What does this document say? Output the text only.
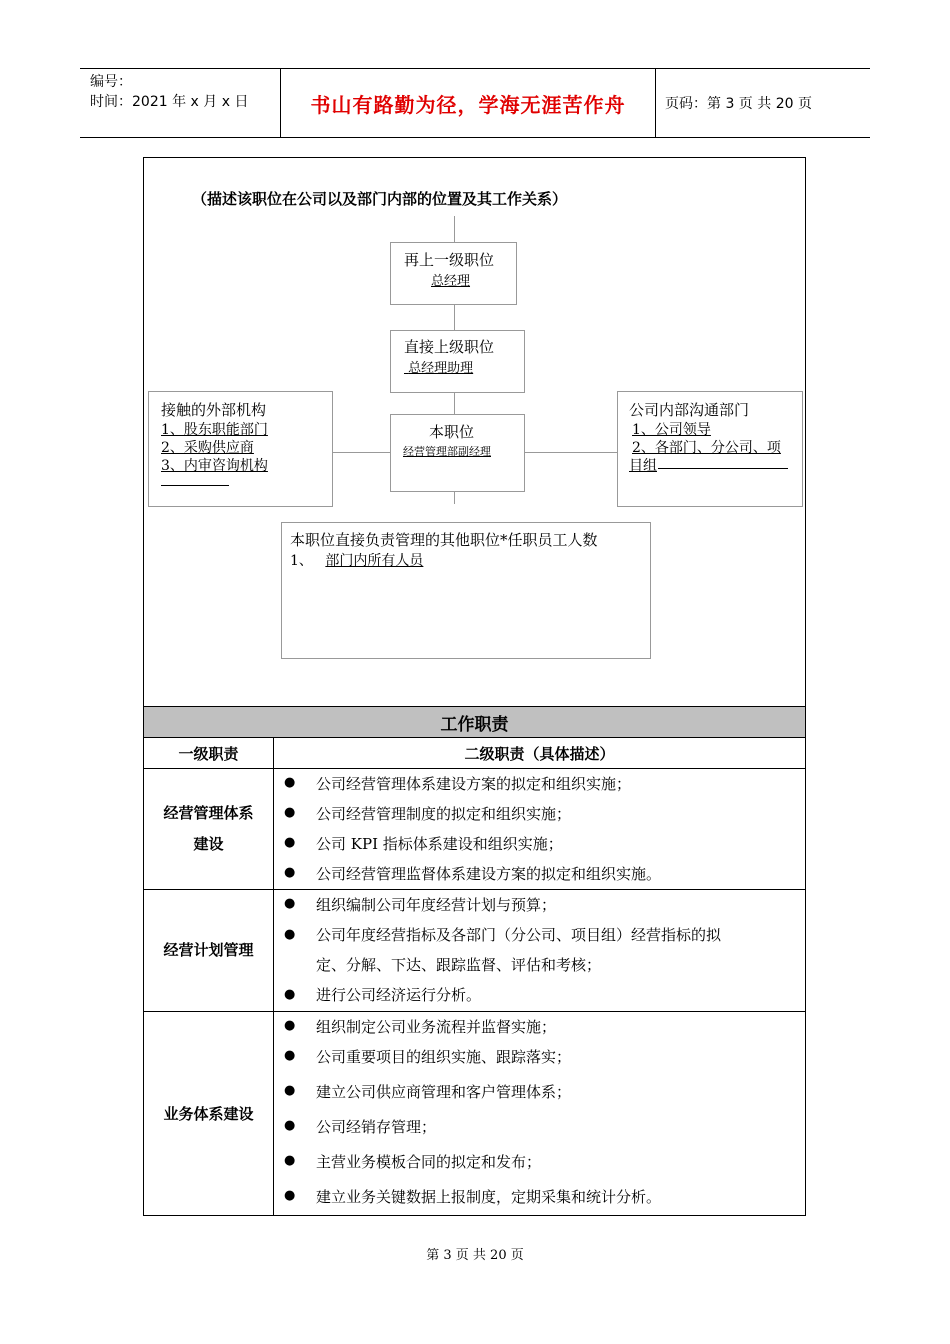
编号：
时间：2021 年 x 月 x 日	书山有路勤为径，学海无涯苦作舟	页码：第 3 页 共 20 页
（描述该职位在公司以及部门内部的位置及其工作关系）
再上一级职位
总经理
直接上级职位
总经理助理
本职位
经营管理部副经理
接触的外部机构
1、股东职能部门
2、采购供应商
3、内审咨询机构
公司内部沟通部门
1、公司领导
2、各部门、分公司、项
目组
本职位直接负责管理的其他职位*任职员工人数
1、 部门内所有人员
工作职责
一级职责	二级职责（具体描述）
经营管理体系
建设
●	公司经营管理体系建设方案的拟定和组织实施；
●	公司经营管理制度的拟定和组织实施；
●	公司 KPI 指标体系建设和组织实施；
●	公司经营管理监督体系建设方案的拟定和组织实施。
经营计划管理
●	组织编制公司年度经营计划与预算；
●	公司年度经营指标及各部门（分公司、项目组）经营指标的拟
定、分解、下达、跟踪监督、评估和考核；
●	进行公司经济运行分析。
业务体系建设
●	组织制定公司业务流程并监督实施；
●	公司重要项目的组织实施、跟踪落实；
●	建立公司供应商管理和客户管理体系；
●	公司经销存管理；
●	主营业务模板合同的拟定和发布；
●	建立业务关键数据上报制度，定期采集和统计分析。
第 3 页 共 20 页
